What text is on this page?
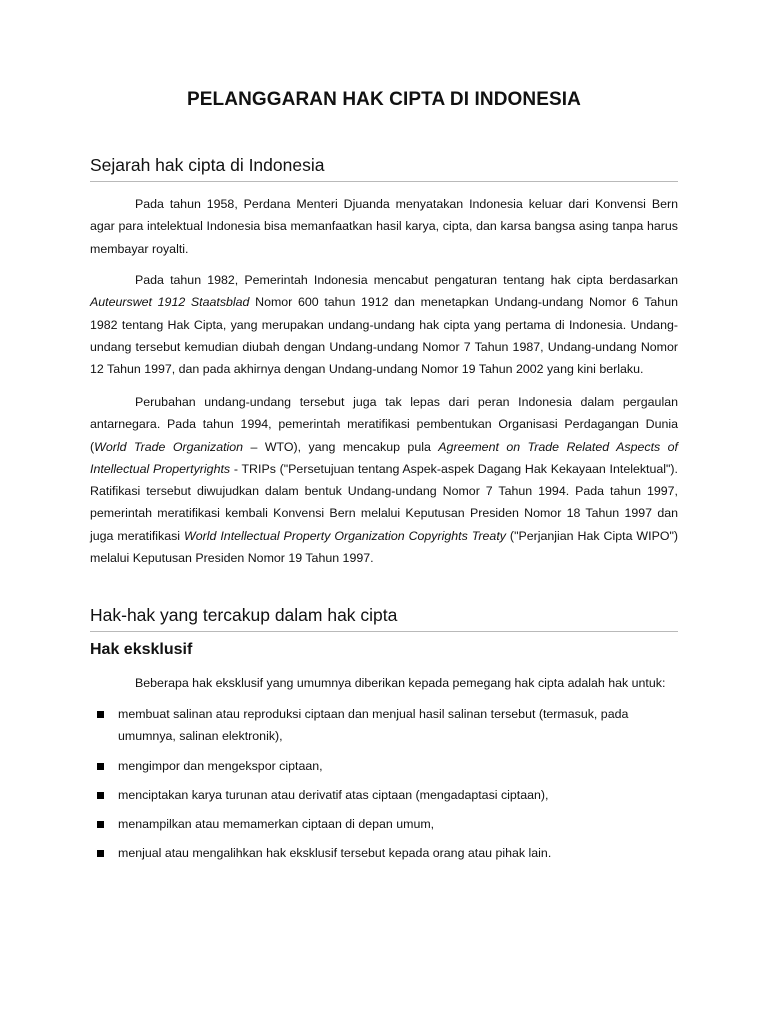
PELANGGARAN HAK CIPTA DI INDONESIA
Sejarah hak cipta di Indonesia

Pada tahun 1958, Perdana Menteri Djuanda menyatakan Indonesia keluar dari Konvensi Bern agar para intelektual Indonesia bisa memanfaatkan hasil karya, cipta, dan karsa bangsa asing tanpa harus membayar royalti.

Pada tahun 1982, Pemerintah Indonesia mencabut pengaturan tentang hak cipta berdasarkan Auteurswet 1912 Staatsblad Nomor 600 tahun 1912 dan menetapkan Undang-undang Nomor 6 Tahun 1982 tentang Hak Cipta, yang merupakan undang-undang hak cipta yang pertama di Indonesia. Undang-undang tersebut kemudian diubah dengan Undang-undang Nomor 7 Tahun 1987, Undang-undang Nomor 12 Tahun 1997, dan pada akhirnya dengan Undang-undang Nomor 19 Tahun 2002 yang kini berlaku.

Perubahan undang-undang tersebut juga tak lepas dari peran Indonesia dalam pergaulan antarnegara. Pada tahun 1994, pemerintah meratifikasi pembentukan Organisasi Perdagangan Dunia (World Trade Organization – WTO), yang mencakup pula Agreement on Trade Related Aspects of Intellectual Propertyrights - TRIPs ("Persetujuan tentang Aspek-aspek Dagang Hak Kekayaan Intelektual"). Ratifikasi tersebut diwujudkan dalam bentuk Undang-undang Nomor 7 Tahun 1994. Pada tahun 1997, pemerintah meratifikasi kembali Konvensi Bern melalui Keputusan Presiden Nomor 18 Tahun 1997 dan juga meratifikasi World Intellectual Property Organization Copyrights Treaty ("Perjanjian Hak Cipta WIPO") melalui Keputusan Presiden Nomor 19 Tahun 1997.

Hak-hak yang tercakup dalam hak cipta
Hak eksklusif
Beberapa hak eksklusif yang umumnya diberikan kepada pemegang hak cipta adalah hak untuk:
membuat salinan atau reproduksi ciptaan dan menjual hasil salinan tersebut (termasuk, pada umumnya, salinan elektronik),
mengimpor dan mengekspor ciptaan,
menciptakan karya turunan atau derivatif atas ciptaan (mengadaptasi ciptaan),
menampilkan atau memamerkan ciptaan di depan umum,
menjual atau mengalihkan hak eksklusif tersebut kepada orang atau pihak lain.
